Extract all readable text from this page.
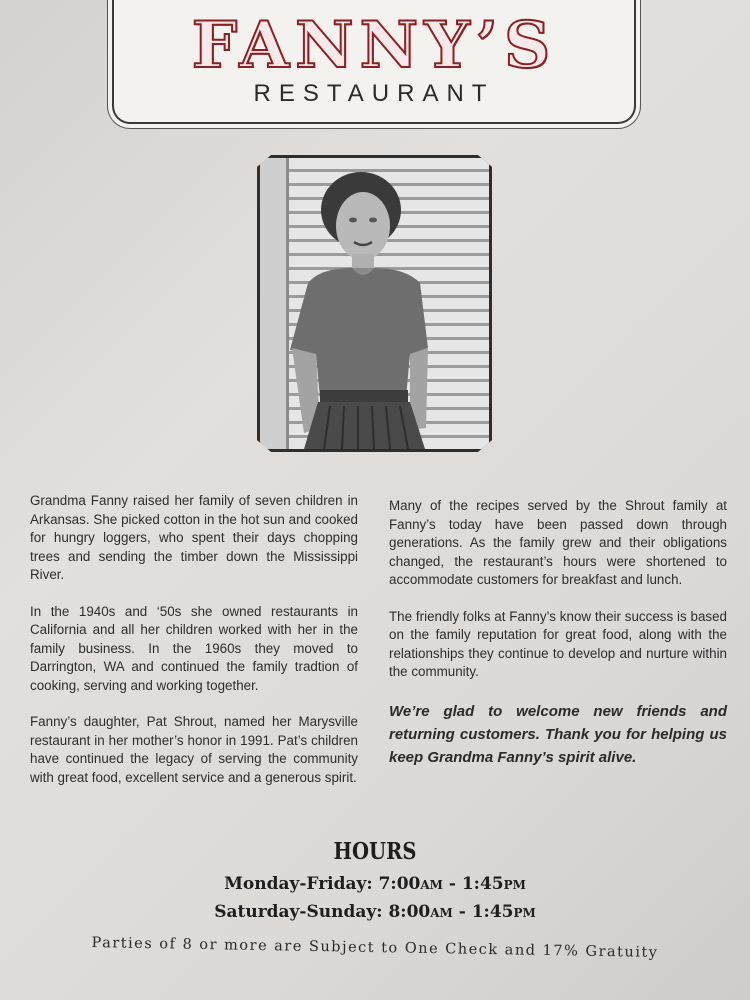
FANNY’S
RESTAURANT

Grandma Fanny raised her family of seven children in Arkansas. She picked cotton in the hot sun and cooked for hungry loggers, who spent their days chopping trees and sending the timber down the Mississippi River.

In the 1940s and ‘50s she owned restaurants in California and all her children worked with her in the family business. In the 1960s they moved to Darrington, WA and continued the family tradtion of cooking, serving and working together.

Fanny’s daughter, Pat Shrout, named her Marysville restaurant in her mother’s honor in 1991. Pat’s children have continued the legacy of serving the community with great food, excellent service and a generous spirit.

Many of the recipes served by the Shrout family at Fanny’s today have been passed down through generations. As the family grew and their obligations changed, the restaurant’s hours were shortened to accommodate customers for breakfast and lunch.

The friendly folks at Fanny’s know their success is based on the family reputation for great food, along with the relationships they continue to develop and nurture within the community.

We’re glad to welcome new friends and returning customers. Thank you for helping us keep Grandma Fanny’s spirit alive.
HOURS
Monday-Friday: 7:00AM - 1:45PM
Saturday-Sunday: 8:00AM - 1:45PM
Parties of 8 or more are Subject to One Check and 17% Gratuity
